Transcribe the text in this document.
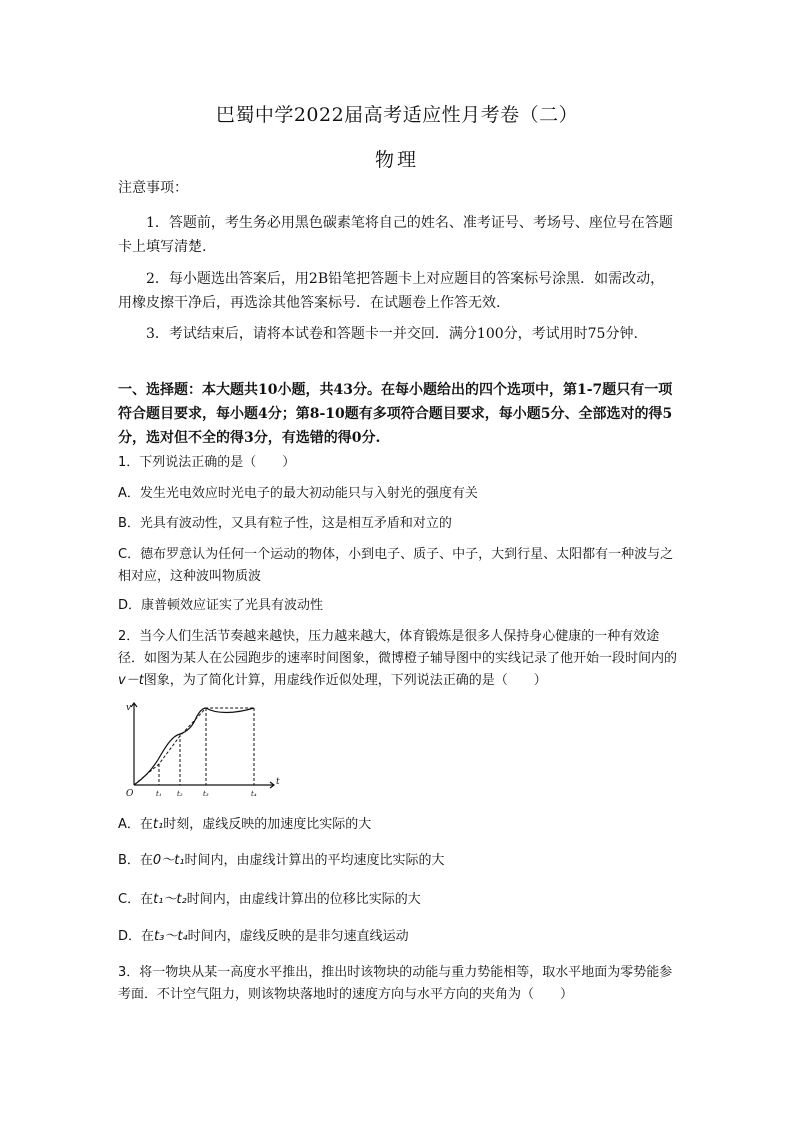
巴蜀中学2022届高考适应性月考卷（二）
物理
注意事项：
1．答题前，考生务必用黑色碳素笔将自己的姓名、准考证号、考场号、座位号在答题卡上填写清楚.
2．每小题选出答案后，用2B铅笔把答题卡上对应题目的答案标号涂黑．如需改动，用橡皮擦干净后，再选涂其他答案标号．在试题卷上作答无效.
3．考试结束后，请将本试卷和答题卡一并交回．满分100分，考试用时75分钟.
一、选择题：本大题共10小题，共43分。在每小题给出的四个选项中，第1-7题只有一项符合题目要求，每小题4分；第8-10题有多项符合题目要求，每小题5分、全部选对的得5分，选对但不全的得3分，有选错的得0分.
1．下列说法正确的是（　　）
A．发生光电效应时光电子的最大初动能只与入射光的强度有关
B．光具有波动性，又具有粒子性，这是相互矛盾和对立的
C．德布罗意认为任何一个运动的物体，小到电子、质子、中子，大到行星、太阳都有一种波与之相对应，这种波叫物质波
D．康普顿效应证实了光具有波动性
2．当今人们生活节奏越来越快，压力越来越大，体育锻炼是很多人保持身心健康的一种有效途径．如图为某人在公园跑步的速率时间图象，微博橙子辅导图中的实线记录了他开始一段时间内的v－t图象，为了简化计算，用虚线作近似处理，下列说法正确的是（　　）
v
t
O	t₁ t₂	t₃	t₄
A．在t₁时刻，虚线反映的加速度比实际的大
B．在0～t₁时间内，由虚线计算出的平均速度比实际的大
C．在t₁～t₂时间内，由虚线计算出的位移比实际的大
D．在t₃～t₄时间内，虚线反映的是非匀速直线运动
3．将一物块从某一高度水平推出，推出时该物块的动能与重力势能相等，取水平地面为零势能参考面．不计空气阻力，则该物块落地时的速度方向与水平方向的夹角为（　　）
